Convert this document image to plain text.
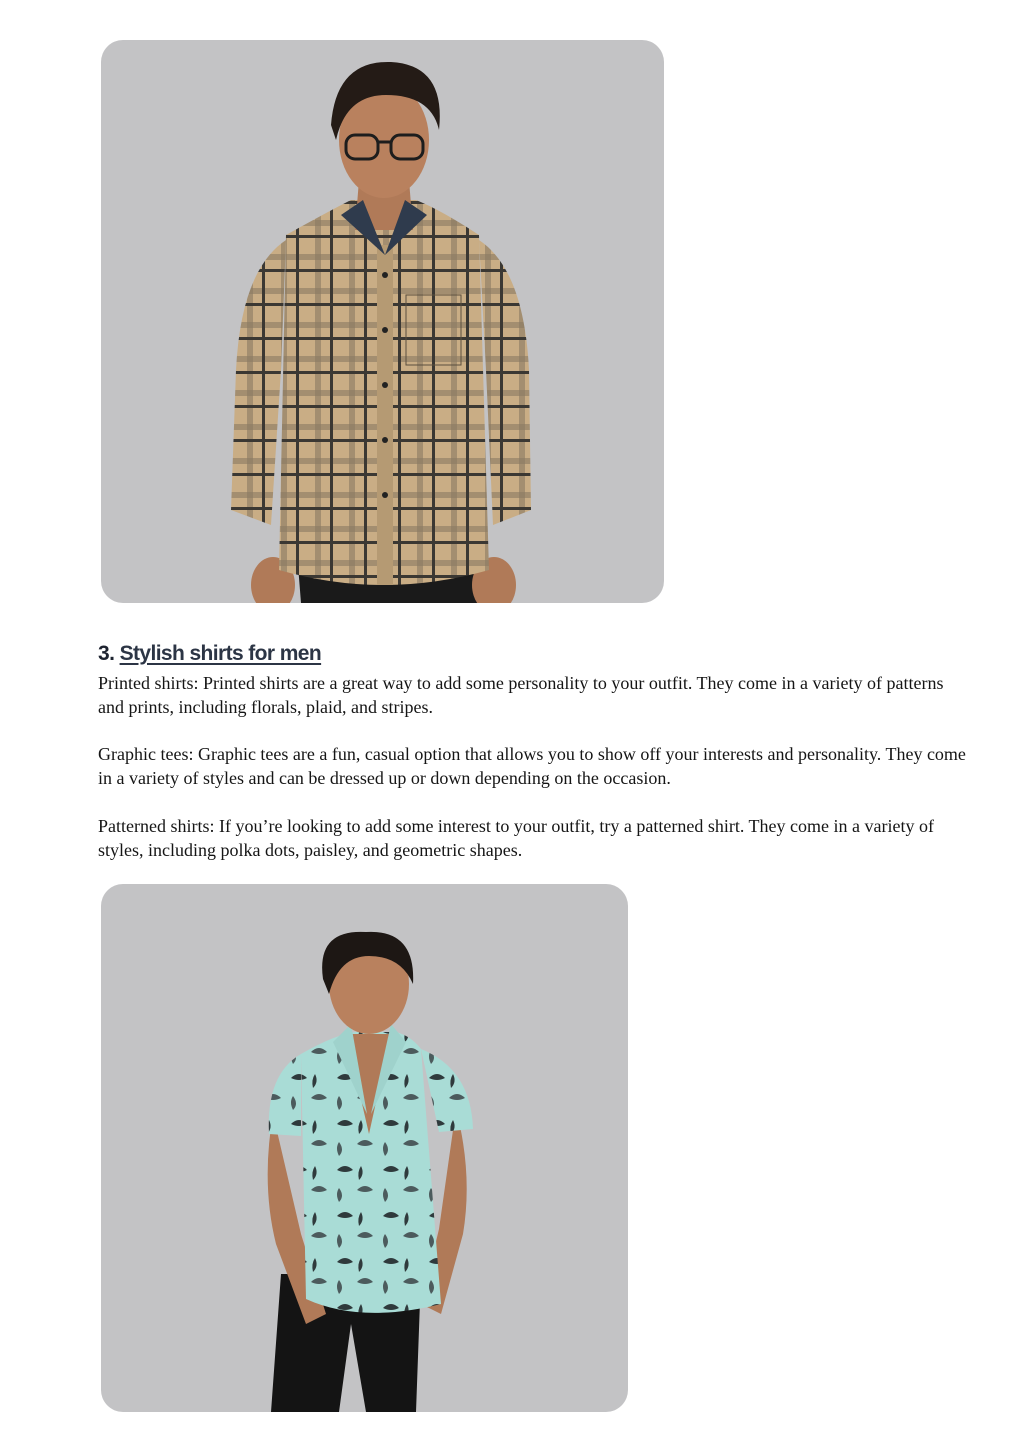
3. Stylish shirts for men

Printed shirts: Printed shirts are a great way to add some personality to your outfit. They come in a variety of patterns and prints, including florals, plaid, and stripes.

Graphic tees: Graphic tees are a fun, casual option that allows you to show off your interests and personality. They come in a variety of styles and can be dressed up or down depending on the occasion.

Patterned shirts: If you’re looking to add some interest to your outfit, try a patterned shirt. They come in a variety of styles, including polka dots, paisley, and geometric shapes.
